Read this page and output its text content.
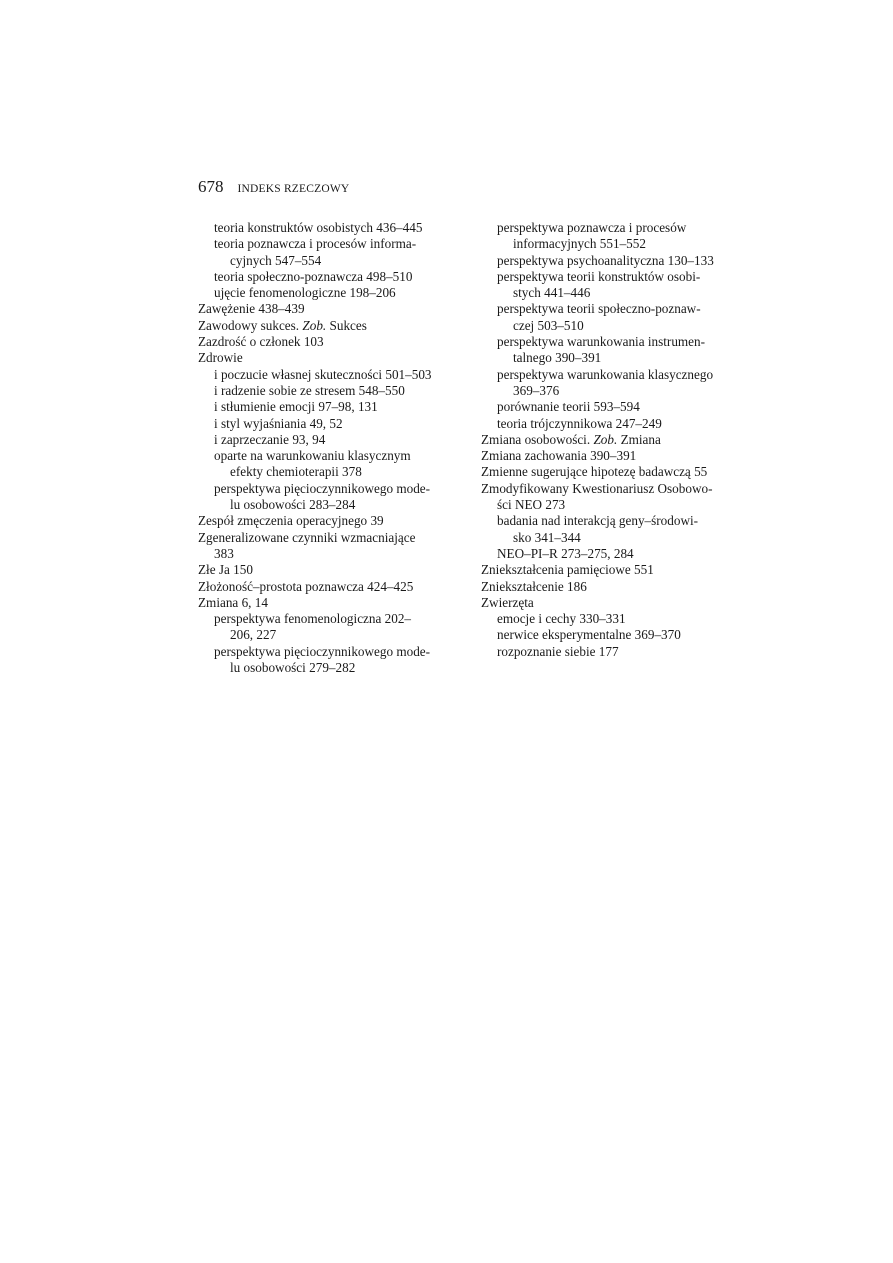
678 INDEKS RZECZOWY
teoria konstruktów osobistych 436–445
teoria poznawcza i procesów informa-
cyjnych 547–554
teoria społeczno-poznawcza 498–510
ujęcie fenomenologiczne 198–206
Zawężenie 438–439
Zawodowy sukces. Zob. Sukces
Zazdrość o członek 103
Zdrowie
i poczucie własnej skuteczności 501–503
i radzenie sobie ze stresem 548–550
i stłumienie emocji 97–98, 131
i styl wyjaśniania 49, 52
i zaprzeczanie 93, 94
oparte na warunkowaniu klasycznym
efekty chemioterapii 378
perspektywa pięcioczynnikowego mode-
lu osobowości 283–284
Zespół zmęczenia operacyjnego 39
Zgeneralizowane czynniki wzmacniające
383
Złe Ja 150
Złożoność–prostota poznawcza 424–425
Zmiana 6, 14
perspektywa fenomenologiczna 202–
206, 227
perspektywa pięcioczynnikowego mode-
lu osobowości 279–282
perspektywa poznawcza i procesów
informacyjnych 551–552
perspektywa psychoanalityczna 130–133
perspektywa teorii konstruktów osobi-
stych 441–446
perspektywa teorii społeczno-poznaw-
czej 503–510
perspektywa warunkowania instrumen-
talnego 390–391
perspektywa warunkowania klasycznego
369–376
porównanie teorii 593–594
teoria trójczynnikowa 247–249
Zmiana osobowości. Zob. Zmiana
Zmiana zachowania 390–391
Zmienne sugerujące hipotezę badawczą 55
Zmodyfikowany Kwestionariusz Osobowo-
ści NEO 273
badania nad interakcją geny–środowi-
sko 341–344
NEO–PI–R 273–275, 284
Zniekształcenia pamięciowe 551
Zniekształcenie 186
Zwierzęta
emocje i cechy 330–331
nerwice eksperymentalne 369–370
rozpoznanie siebie 177
